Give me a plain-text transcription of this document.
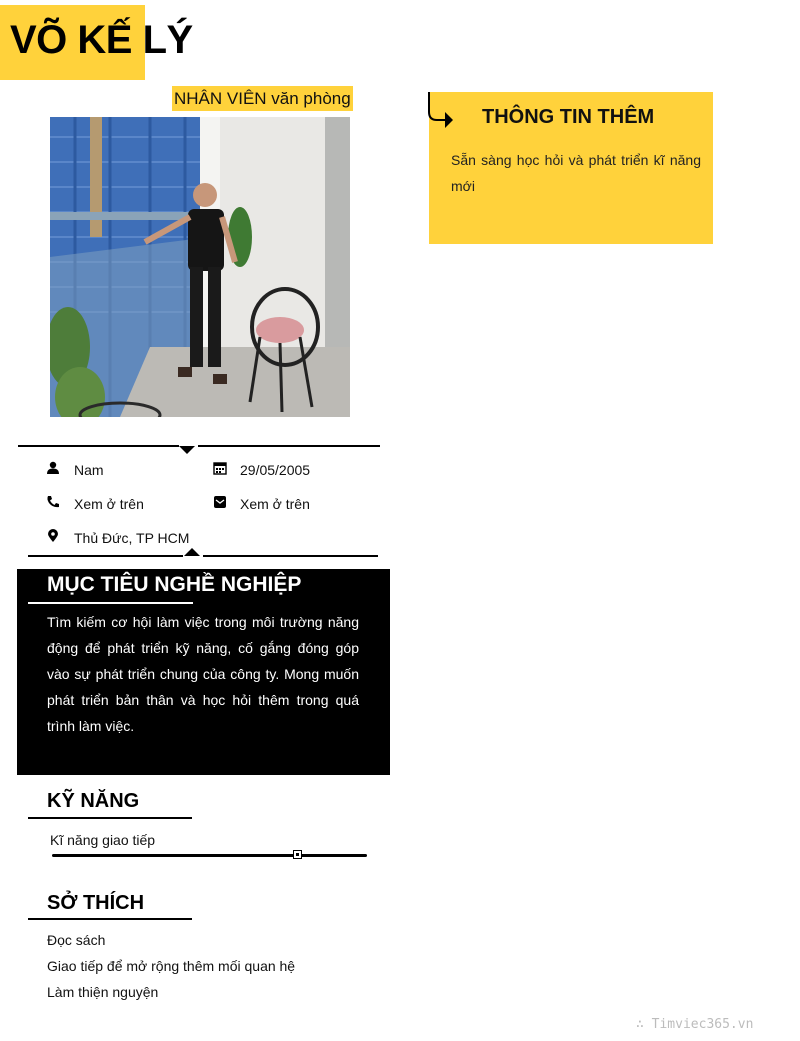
VÕ KẾ LÝ
NHÂN VIÊN văn phòng
THÔNG TIN THÊM
Sẵn sàng học hỏi và phát triển kĩ năng mới
Nam	29/05/2005
Xem ở trên	Xem ở trên
Thủ Đức, TP HCM
MỤC TIÊU NGHỀ NGHIỆP
Tìm kiếm cơ hội làm việc trong môi trường năng động để phát triển kỹ năng, cố gắng đóng góp vào sự phát triển chung của công ty. Mong muốn phát triển bản thân và học hỏi thêm trong quá trình làm việc.
KỸ NĂNG
Kĩ năng giao tiếp
SỞ THÍCH
Đọc sách
Giao tiếp để mở rộng thêm mối quan hệ
Làm thiện nguyện
∴ Timviec365.vn
